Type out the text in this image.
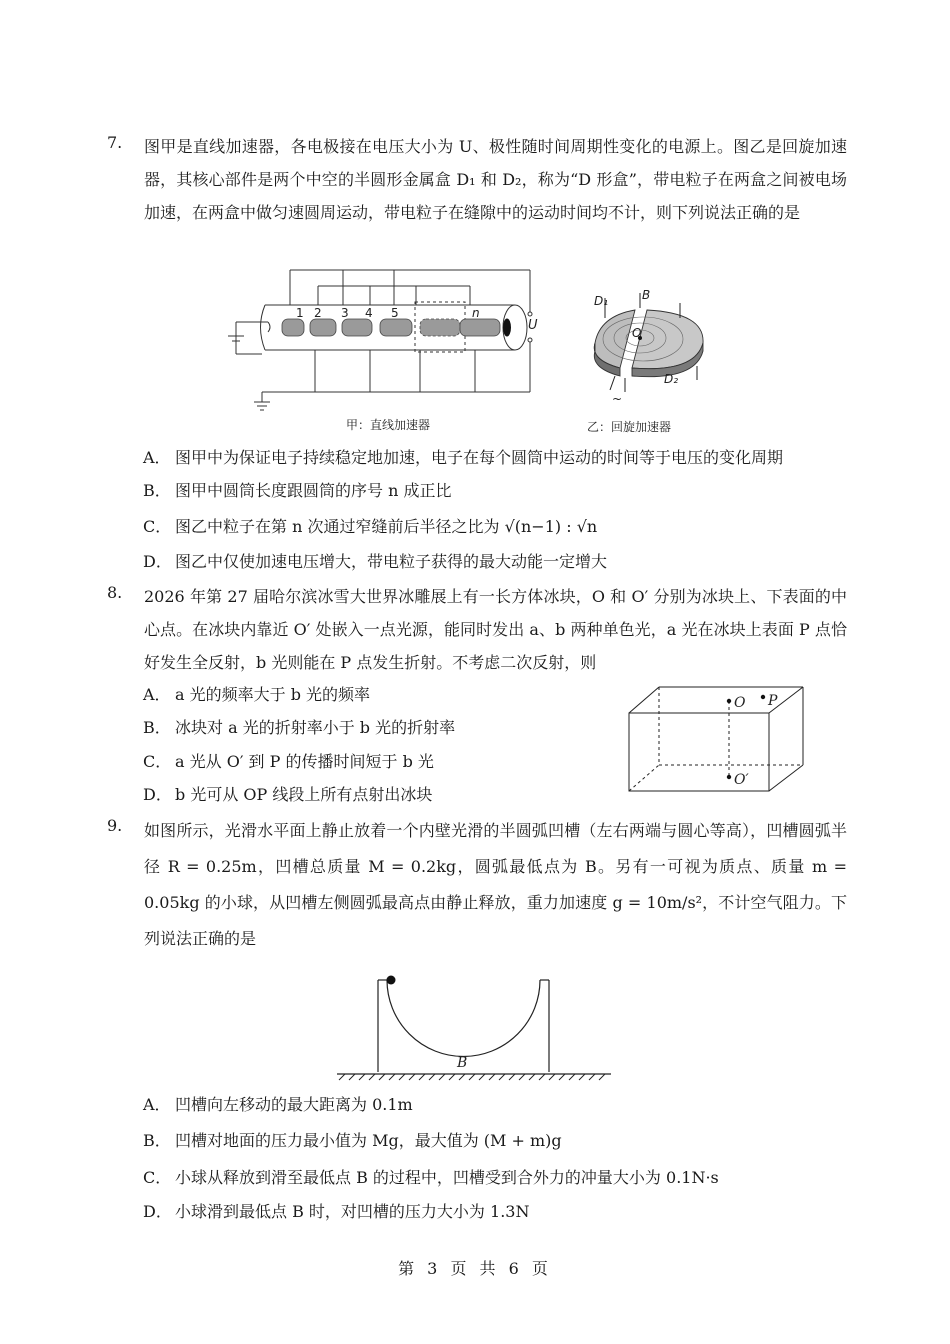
7. 图甲是直线加速器，各电极接在电压大小为 U、极性随时间周期性变化的电源上。图乙是回旋加速器，其核心部件是两个中空的半圆形金属盒 D₁ 和 D₂，称为“D 形盒”，带电粒子在两盒之间被电场加速，在两盒中做匀速圆周运动，带电粒子在缝隙中的运动时间均不计，则下列说法正确的是
1 2 3 4 5	n
U
甲：直线加速器
D₁	B
O
D₂
~
乙：回旋加速器
A． 图甲中为保证电子持续稳定地加速，电子在每个圆筒中运动的时间等于电压的变化周期
B． 图甲中圆筒长度跟圆筒的序号 n 成正比
C． 图乙中粒子在第 n 次通过窄缝前后半径之比为 √(n−1) : √n
D． 图乙中仅使加速电压增大，带电粒子获得的最大动能一定增大
8. 2026 年第 27 届哈尔滨冰雪大世界冰雕展上有一长方体冰块，O 和 O′ 分别为冰块上、下表面的中心点。在冰块内靠近 O′ 处嵌入一点光源，能同时发出 a、b 两种单色光，a 光在冰块上表面 P 点恰好发生全反射，b 光则能在 P 点发生折射。不考虑二次反射，则
O P
O′
A． a 光的频率大于 b 光的频率
B． 冰块对 a 光的折射率小于 b 光的折射率
C． a 光从 O′ 到 P 的传播时间短于 b 光
D． b 光可从 OP 线段上所有点射出冰块
9. 如图所示，光滑水平面上静止放着一个内壁光滑的半圆弧凹槽（左右两端与圆心等高），凹槽圆弧半径 R = 0.25m，凹槽总质量 M = 0.2kg，圆弧最低点为 B。另有一可视为质点、质量 m = 0.05kg 的小球，从凹槽左侧圆弧最高点由静止释放，重力加速度 g = 10m/s²，不计空气阻力。下列说法正确的是
B
A． 凹槽向左移动的最大距离为 0.1m
B． 凹槽对地面的压力最小值为 Mg，最大值为 (M + m)g
C． 小球从释放到滑至最低点 B 的过程中，凹槽受到合外力的冲量大小为 0.1N·s
D． 小球滑到最低点 B 时，对凹槽的压力大小为 1.3N
第 3 页 共 6 页
